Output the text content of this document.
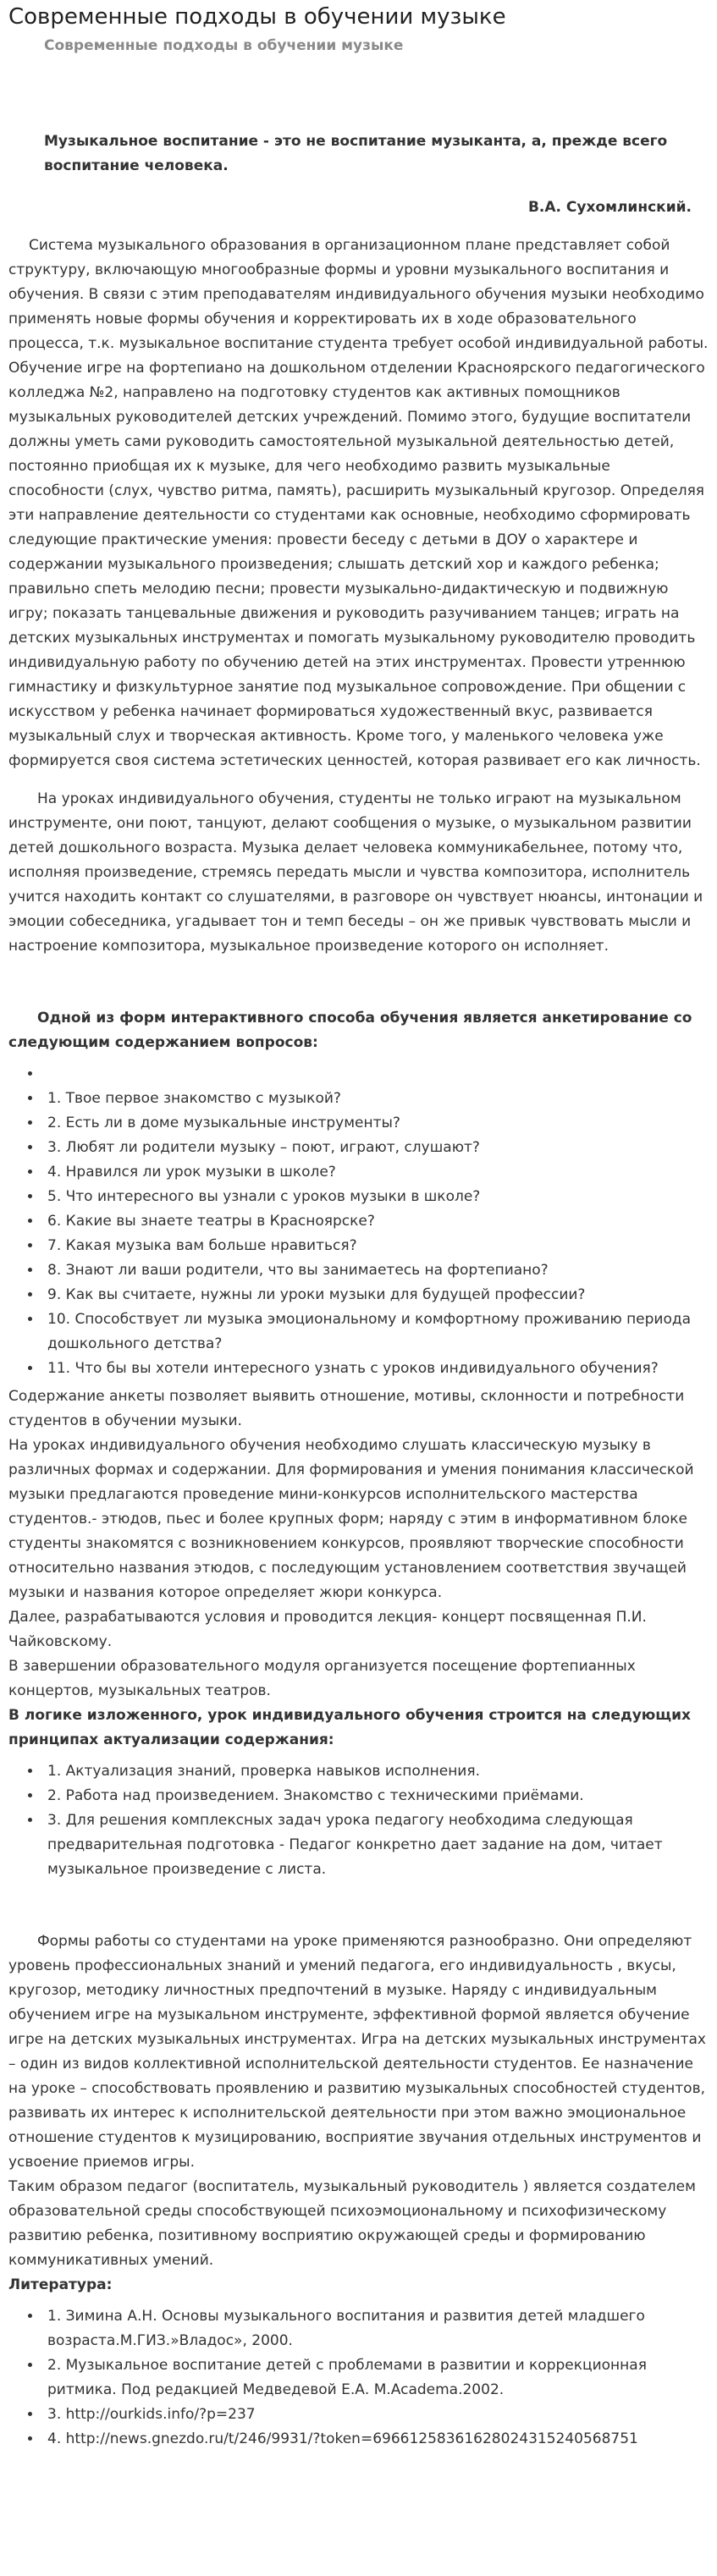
Современные подходы в обучении музыке
Современные подходы в обучении музыке
Музыкальное воспитание - это не воспитание музыканта, а, прежде всего воспитание человека.
В.А. Сухомлинский.

Система музыкального образования в организационном плане представляет собой структуру, включающую многообразные формы и уровни музыкального воспитания и обучения. В связи с этим преподавателям индивидуального обучения музыки необходимо применять новые формы обучения и корректировать их в ходе образовательного процесса, т.к. музыкальное воспитание студента требует особой индивидуальной работы.

Обучение игре на фортепиано на дошкольном отделении Красноярского педагогического колледжа №2, направлено на подготовку студентов как активных помощников музыкальных руководителей детских учреждений. Помимо этого, будущие воспитатели должны уметь сами руководить самостоятельной музыкальной деятельностью детей, постоянно приобщая их к музыке, для чего необходимо развить музыкальные способности (слух, чувство ритма, память), расширить музыкальный кругозор. Определяя эти направление деятельности со студентами как основные, необходимо сформировать следующие практические умения: провести беседу с детьми в ДОУ о характере и содержании музыкального произведения; слышать детский хор и каждого ребенка; правильно спеть мелодию песни; провести музыкально-дидактическую и подвижную игру; показать танцевальные движения и руководить разучиванием танцев; играть на детских музыкальных инструментах и помогать музыкальному руководителю проводить индивидуальную работу по обучению детей на этих инструментах. Провести утреннюю гимнастику и физкультурное занятие под музыкальное сопровождение. При общении с искусством у ребенка начинает формироваться художественный вкус, развивается музыкальный слух и творческая активность. Кроме того, у маленького человека уже формируется своя система эстетических ценностей, которая развивает его как личность.

На уроках индивидуального обучения, студенты не только играют на музыкальном инструменте, они поют, танцуют, делают сообщения о музыке, о музыкальном развитии детей дошкольного возраста. Музыка делает человека коммуникабельнее, потому что, исполняя произведение, стремясь передать мысли и чувства композитора, исполнитель учится находить контакт со слушателями, в разговоре он чувствует нюансы, интонации и эмоции собеседника, угадывает тон и темп беседы – он же привык чувствовать мысли и настроение композитора, музыкальное произведение которого он исполняет.

Одной из форм интерактивного способа обучения является анкетирование со следующим содержанием вопросов:

•
• 1. Твое первое знакомство с музыкой?
• 2. Есть ли в доме музыкальные инструменты?
• 3. Любят ли родители музыку – поют, играют, слушают?
• 4. Нравился ли урок музыки в школе?
• 5. Что интересного вы узнали с уроков музыки в школе?
• 6. Какие вы знаете театры в Красноярске?
• 7. Какая музыка вам больше нравиться?
• 8. Знают ли ваши родители, что вы занимаетесь на фортепиано?
• 9. Как вы считаете, нужны ли уроки музыки для будущей профессии?
• 10. Способствует ли музыка эмоциональному и комфортному проживанию периода дошкольного детства?
• 11. Что бы вы хотели интересного узнать с уроков индивидуального обучения?

Содержание анкеты позволяет выявить отношение, мотивы, склонности и потребности студентов в обучении музыки.

На уроках индивидуального обучения необходимо слушать классическую музыку в различных формах и содержании. Для формирования и умения понимания классической музыки предлагаются проведение мини-конкурсов исполнительского мастерства студентов.- этюдов, пьес и более крупных форм; наряду с этим в информативном блоке студенты знакомятся с возникновением конкурсов, проявляют творческие способности относительно названия этюдов, с последующим установлением соответствия звучащей музыки и названия которое определяет жюри конкурса.

Далее, разрабатываются условия и проводится лекция- концерт посвященная П.И. Чайковскому.

В завершении образовательного модуля организуется посещение фортепианных концертов, музыкальных театров.

В логике изложенного, урок индивидуального обучения строится на следующих принципах актуализации содержания:

• 1. Актуализация знаний, проверка навыков исполнения.
• 2. Работа над произведением. Знакомство с техническими приёмами.
• 3. Для решения комплексных задач урока педагогу необходима следующая предварительная подготовка - Педагог конкретно дает задание на дом, читает музыкальное произведение с листа.

Формы работы со студентами на уроке применяются разнообразно. Они определяют уровень профессиональных знаний и умений педагога, его индивидуальность , вкусы, кругозор, методику личностных предпочтений в музыке. Наряду с индивидуальным обучением игре на музыкальном инструменте, эффективной формой является обучение игре на детских музыкальных инструментах. Игра на детских музыкальных инструментах – один из видов коллективной исполнительской деятельности студентов. Ее назначение на уроке – способствовать проявлению и развитию музыкальных способностей студентов, развивать их интерес к исполнительской деятельности при этом важно эмоциональное отношение студентов к музицированию, восприятие звучания отдельных инструментов и усвоение приемов игры.

Таким образом педагог (воспитатель, музыкальный руководитель ) является создателем образовательной среды способствующей психоэмоциональному и психофизическому развитию ребенка, позитивному восприятию окружающей среды и формированию коммуникативных умений.

Литература:

• 1. Зимина А.Н. Основы музыкального воспитания и развития детей младшего возраста.М.ГИЗ.»Владос», 2000.
• 2. Музыкальное воспитание детей с проблемами в развитии и коррекционная ритмика. Под редакцией Медведевой Е.А. М.Academa.2002.
• 3. http://ourkids.info/?p=237
• 4. http://news.gnezdo.ru/t/246/9931/?token=69661258361628024315240568751
